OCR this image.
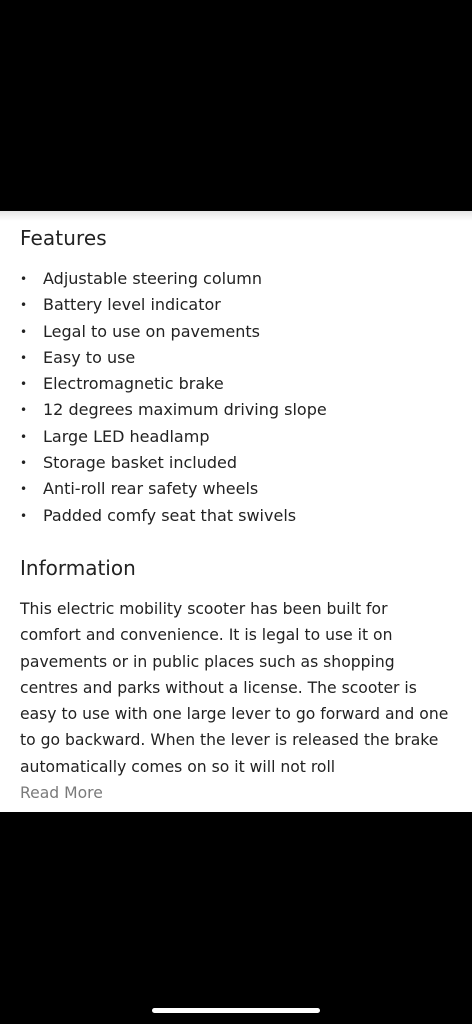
Features
• Adjustable steering column
• Battery level indicator
• Legal to use on pavements
• Easy to use
• Electromagnetic brake
• 12 degrees maximum driving slope
• Large LED headlamp
• Storage basket included
• Anti-roll rear safety wheels
• Padded comfy seat that swivels
Information

This electric mobility scooter has been built for comfort and convenience. It is legal to use it on pavements or in public places such as shopping centres and parks without a license. The scooter is easy to use with one large lever to go forward and one to go backward. When the lever is released the brake automatically comes on so it will not roll

Read More
